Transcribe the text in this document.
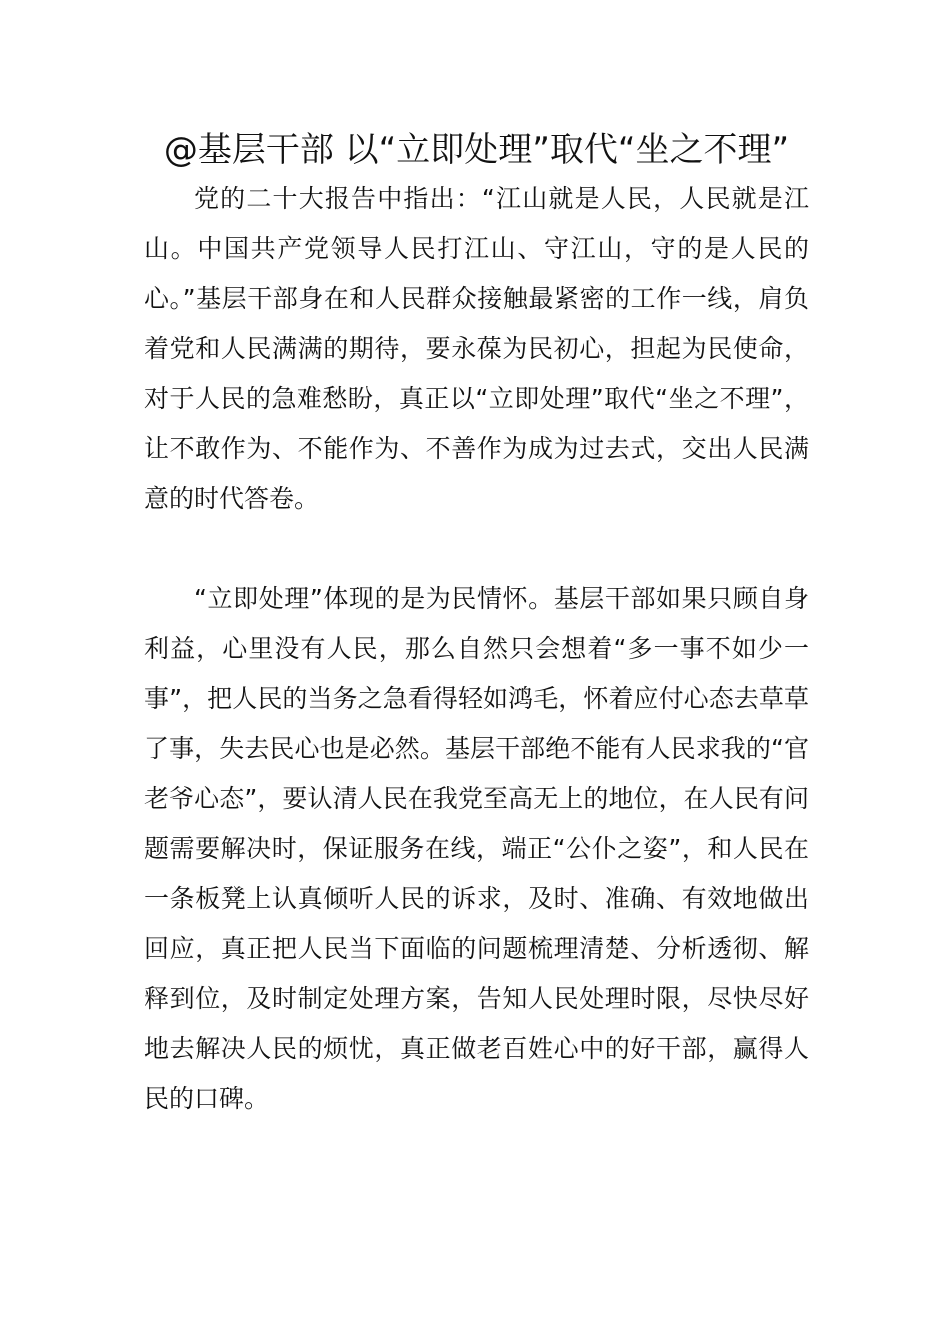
@基层干部 以“立即处理”取代“坐之不理”

党的二十大报告中指出：“江山就是人民，人民就是江山。中国共产党领导人民打江山、守江山，守的是人民的心。”基层干部身在和人民群众接触最紧密的工作一线，肩负着党和人民满满的期待，要永葆为民初心，担起为民使命，对于人民的急难愁盼，真正以“立即处理”取代“坐之不理”，让不敢作为、不能作为、不善作为成为过去式，交出人民满意的时代答卷。

“立即处理”体现的是为民情怀。基层干部如果只顾自身利益，心里没有人民，那么自然只会想着“多一事不如少一事”，把人民的当务之急看得轻如鸿毛，怀着应付心态去草草了事，失去民心也是必然。基层干部绝不能有人民求我的“官老爷心态”，要认清人民在我党至高无上的地位，在人民有问题需要解决时，保证服务在线，端正“公仆之姿”，和人民在一条板凳上认真倾听人民的诉求，及时、准确、有效地做出回应，真正把人民当下面临的问题梳理清楚、分析透彻、解释到位，及时制定处理方案，告知人民处理时限，尽快尽好地去解决人民的烦忧，真正做老百姓心中的好干部，赢得人民的口碑。
